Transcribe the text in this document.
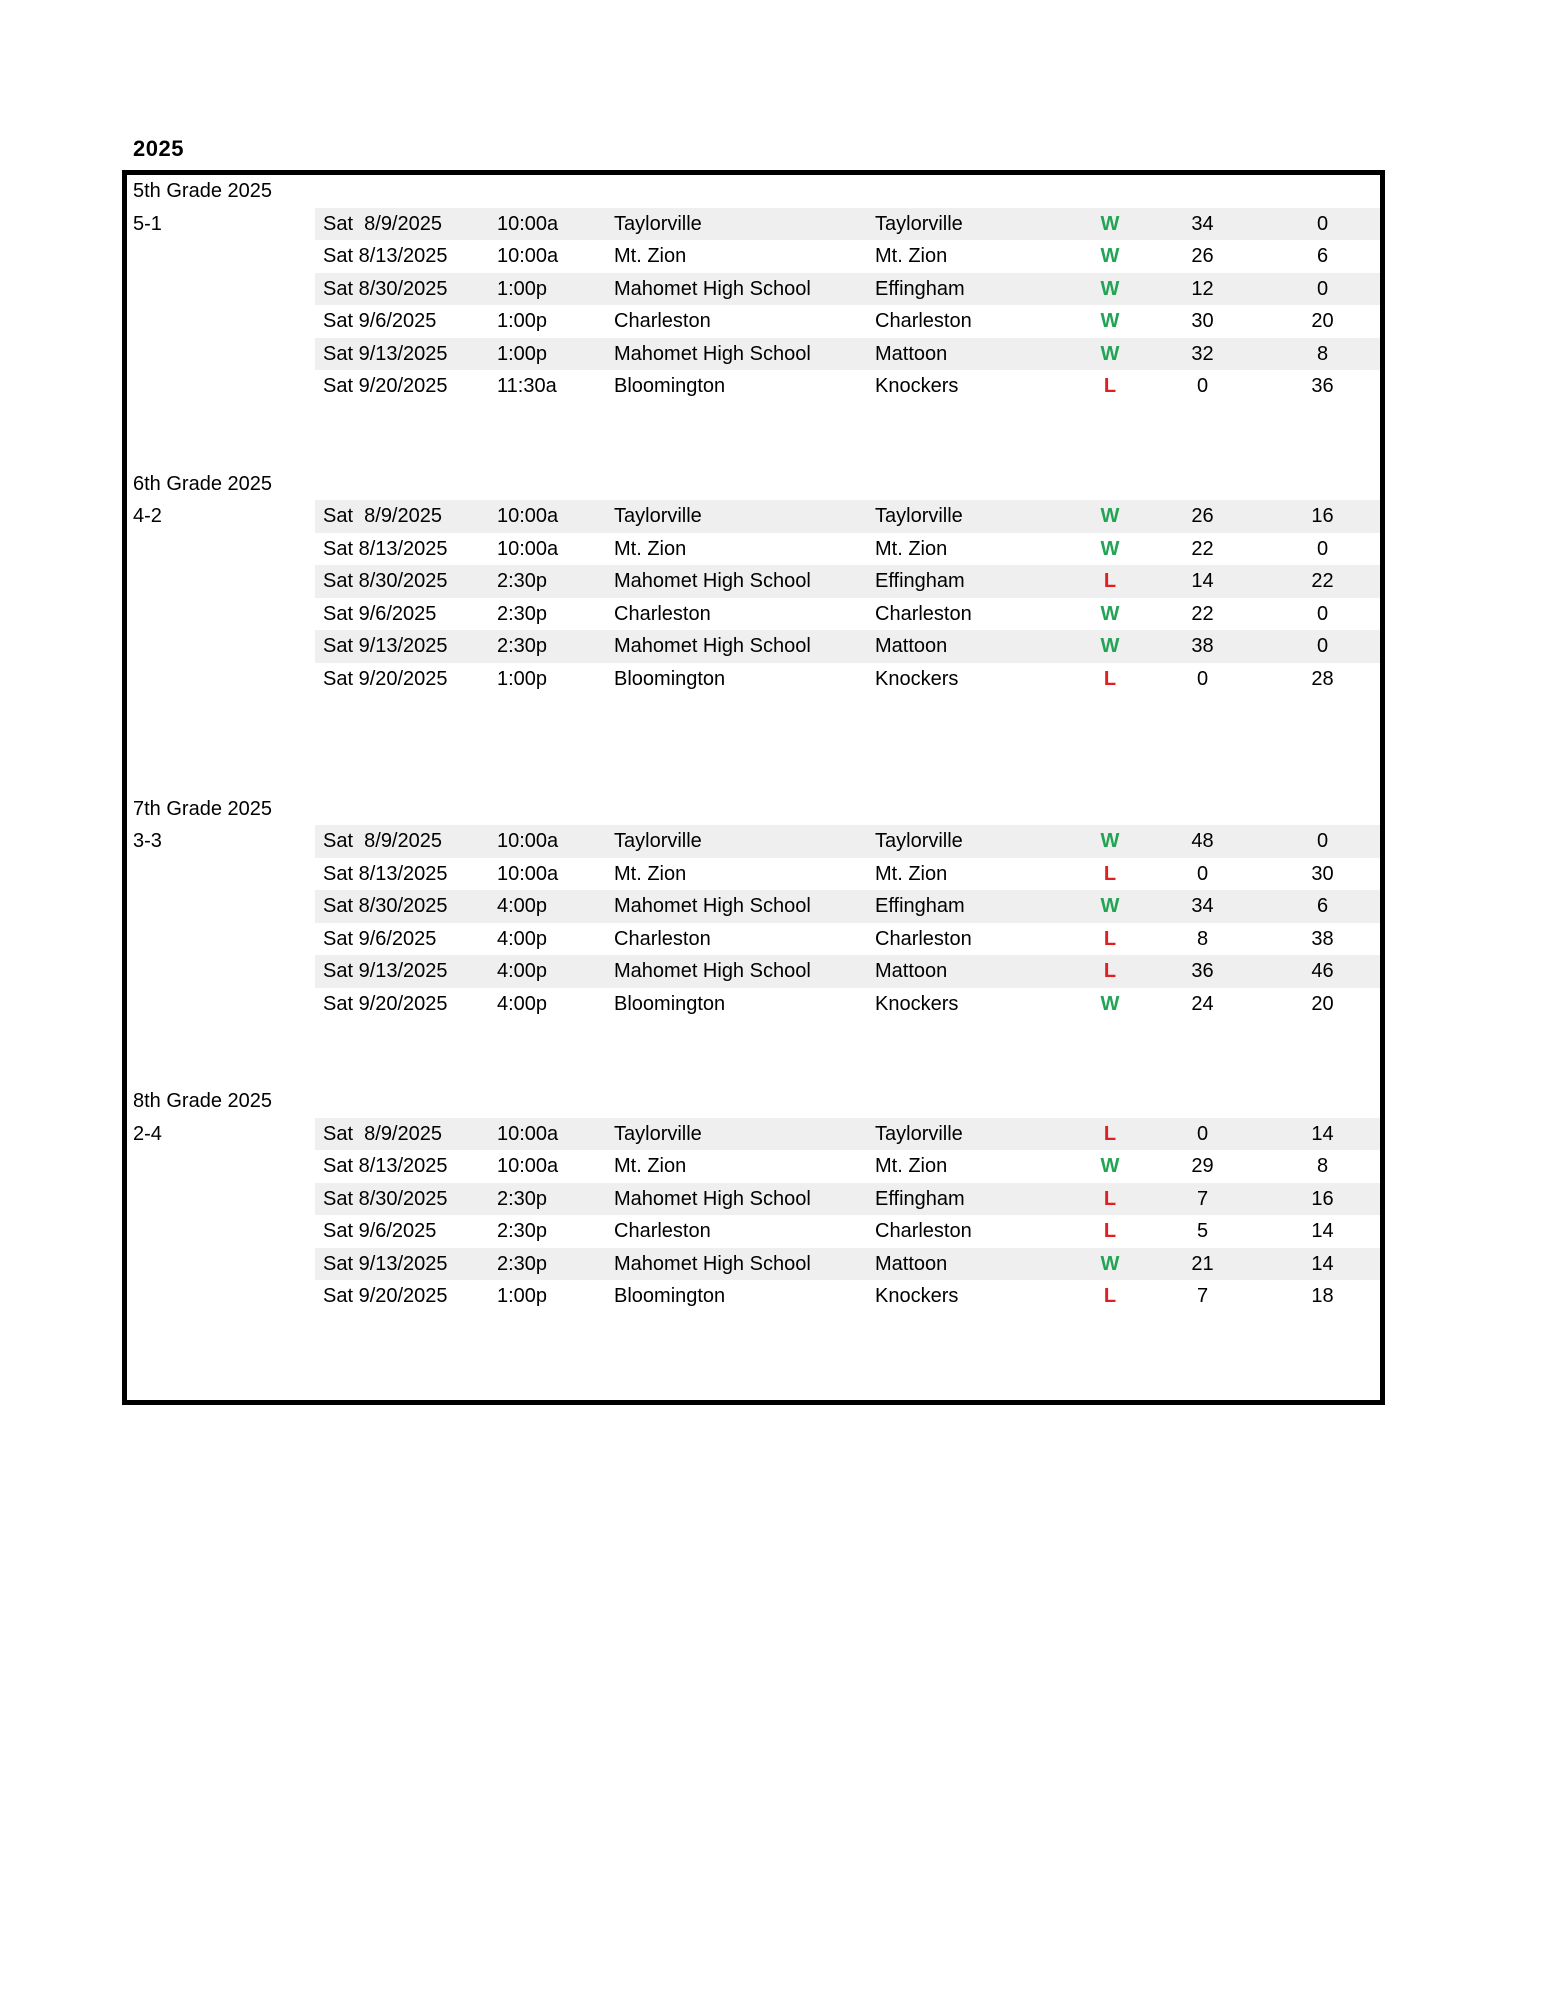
2025
5th Grade 2025
5-1	Sat  8/9/2025	10:00a	Taylorville	Taylorville	W	34	0
Sat 8/13/2025	10:00a	Mt. Zion	Mt. Zion	W	26	6
Sat 8/30/2025	1:00p	Mahomet High School	Effingham	W	12	0
Sat 9/6/2025	1:00p	Charleston	Charleston	W	30	20
Sat 9/13/2025	1:00p	Mahomet High School	Mattoon	W	32	8
Sat 9/20/2025	11:30a	Bloomington	Knockers	L	0	36
6th Grade 2025
4-2	Sat  8/9/2025	10:00a	Taylorville	Taylorville	W	26	16
Sat 8/13/2025	10:00a	Mt. Zion	Mt. Zion	W	22	0
Sat 8/30/2025	2:30p	Mahomet High School	Effingham	L	14	22
Sat 9/6/2025	2:30p	Charleston	Charleston	W	22	0
Sat 9/13/2025	2:30p	Mahomet High School	Mattoon	W	38	0
Sat 9/20/2025	1:00p	Bloomington	Knockers	L	0	28
7th Grade 2025
3-3	Sat  8/9/2025	10:00a	Taylorville	Taylorville	W	48	0
Sat 8/13/2025	10:00a	Mt. Zion	Mt. Zion	L	0	30
Sat 8/30/2025	4:00p	Mahomet High School	Effingham	W	34	6
Sat 9/6/2025	4:00p	Charleston	Charleston	L	8	38
Sat 9/13/2025	4:00p	Mahomet High School	Mattoon	L	36	46
Sat 9/20/2025	4:00p	Bloomington	Knockers	W	24	20
8th Grade 2025
2-4	Sat  8/9/2025	10:00a	Taylorville	Taylorville	L	0	14
Sat 8/13/2025	10:00a	Mt. Zion	Mt. Zion	W	29	8
Sat 8/30/2025	2:30p	Mahomet High School	Effingham	L	7	16
Sat 9/6/2025	2:30p	Charleston	Charleston	L	5	14
Sat 9/13/2025	2:30p	Mahomet High School	Mattoon	W	21	14
Sat 9/20/2025	1:00p	Bloomington	Knockers	L	7	18
